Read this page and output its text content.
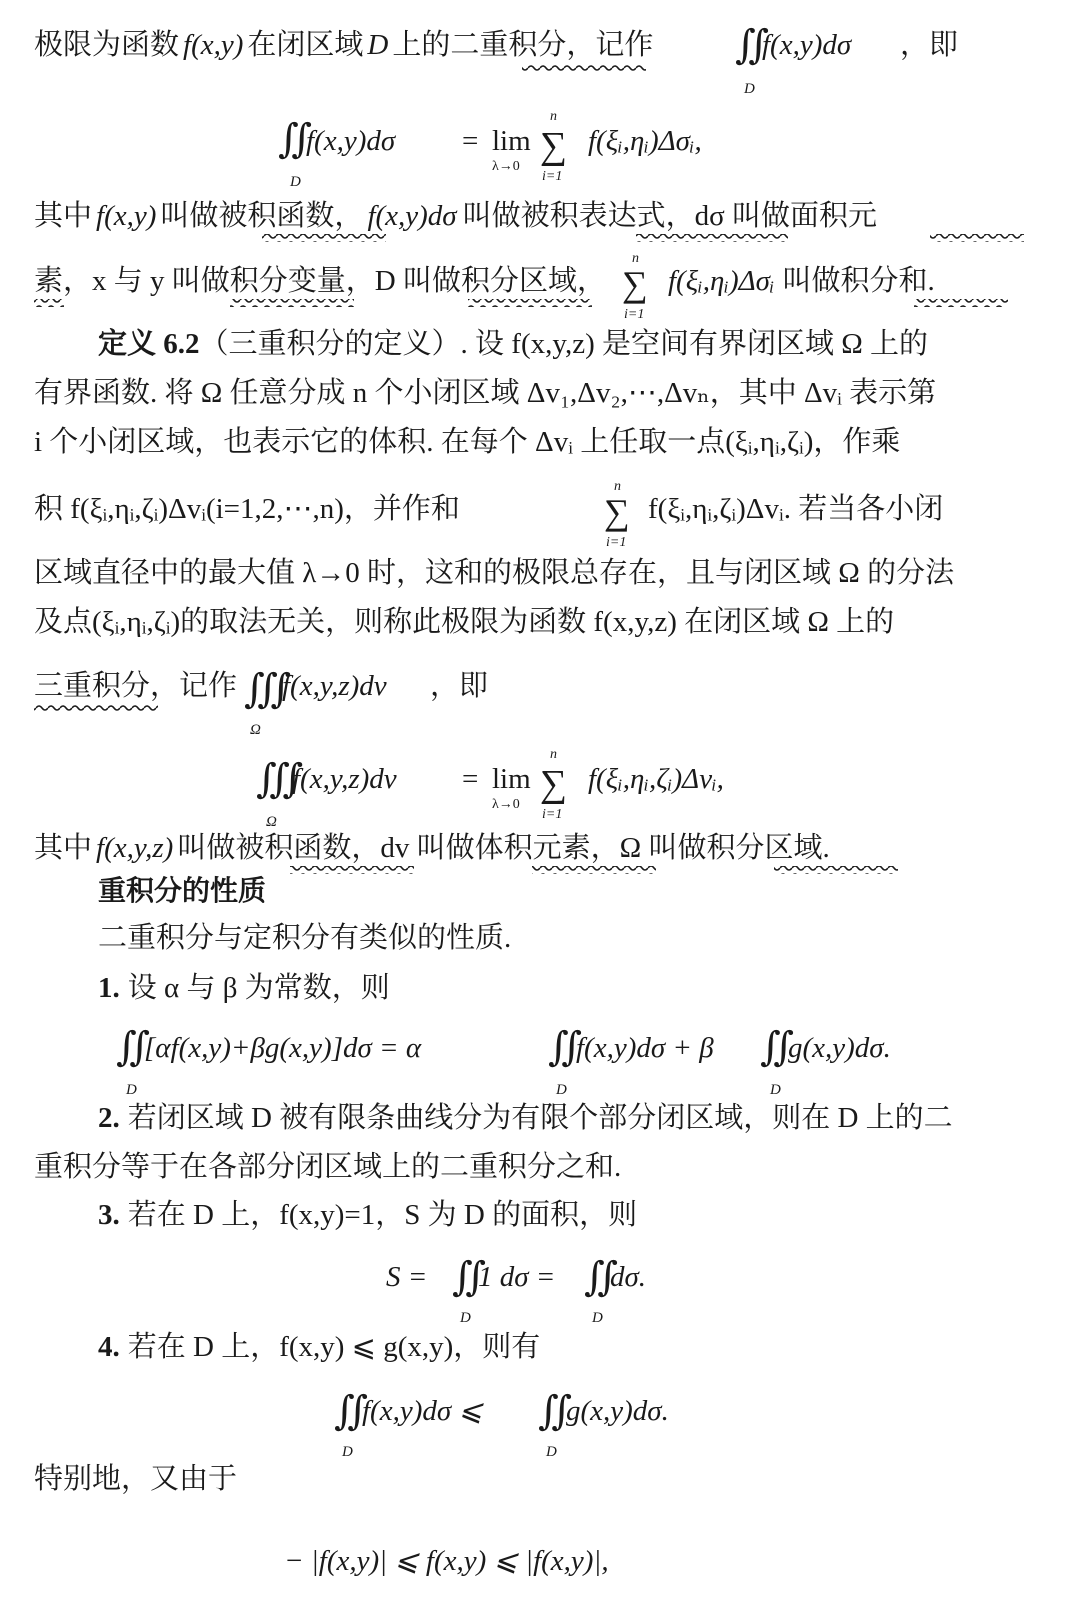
极限为函数 f(x,y) 在闭区域 D 上的二重积分，记作 ∬
D
f(x,y)dσ ，即
∬
D
f(x,y)dσ = lim
λ→0 ∑
n
i=1
f(ξᵢ,ηᵢ)Δσᵢ,
其中 f(x,y) 叫做被积函数， f(x,y)dσ 叫做被积表达式，dσ 叫做面积元
素，x 与 y 叫做积分变量，D 叫做积分区域， ∑
n
i=1
f(ξᵢ,ηᵢ)Δσᵢ 叫做积分和.
定义 6.2（三重积分的定义）. 设 f(x,y,z) 是空间有界闭区域 Ω 上的
有界函数. 将 Ω 任意分成 n 个小闭区域 Δv₁,Δv₂,⋯,Δvₙ，其中 Δvᵢ 表示第
i 个小闭区域，也表示它的体积. 在每个 Δvᵢ 上任取一点(ξᵢ,ηᵢ,ζᵢ)，作乘
积 f(ξᵢ,ηᵢ,ζᵢ)Δvᵢ(i=1,2,⋯,n)，并作和	∑
n
i=1
f(ξᵢ,ηᵢ,ζᵢ)Δvᵢ. 若当各小闭
区域直径中的最大值 λ→0 时，这和的极限总存在，且与闭区域 Ω 的分法
及点(ξᵢ,ηᵢ,ζᵢ)的取法无关，则称此极限为函数 f(x,y,z) 在闭区域 Ω 上的
三重积分，记作 ∭
Ω
f(x,y,z)dv ，即
∭
Ω
f(x,y,z)dv = lim
λ→0 ∑
n
i=1
f(ξᵢ,ηᵢ,ζᵢ)Δvᵢ,
其中 f(x,y,z) 叫做被积函数，dv 叫做体积元素，Ω 叫做积分区域.
重积分的性质
二重积分与定积分有类似的性质.
1. 设 α 与 β 为常数，则
∬
D
[αf(x,y)+βg(x,y)]dσ = α	∬
D
f(x,y)dσ + β ∬
D
g(x,y)dσ.
2. 若闭区域 D 被有限条曲线分为有限个部分闭区域，则在 D 上的二
重积分等于在各部分闭区域上的二重积分之和.
3. 若在 D 上，f(x,y)=1，S 为 D 的面积，则
S = ∬
D
1 dσ = ∬
D
dσ.
4. 若在 D 上，f(x,y) ⩽ g(x,y)，则有
∬
D
f(x,y)dσ ⩽ ∬
D
g(x,y)dσ.
特别地，又由于
− |f(x,y)| ⩽ f(x,y) ⩽ |f(x,y)|,
